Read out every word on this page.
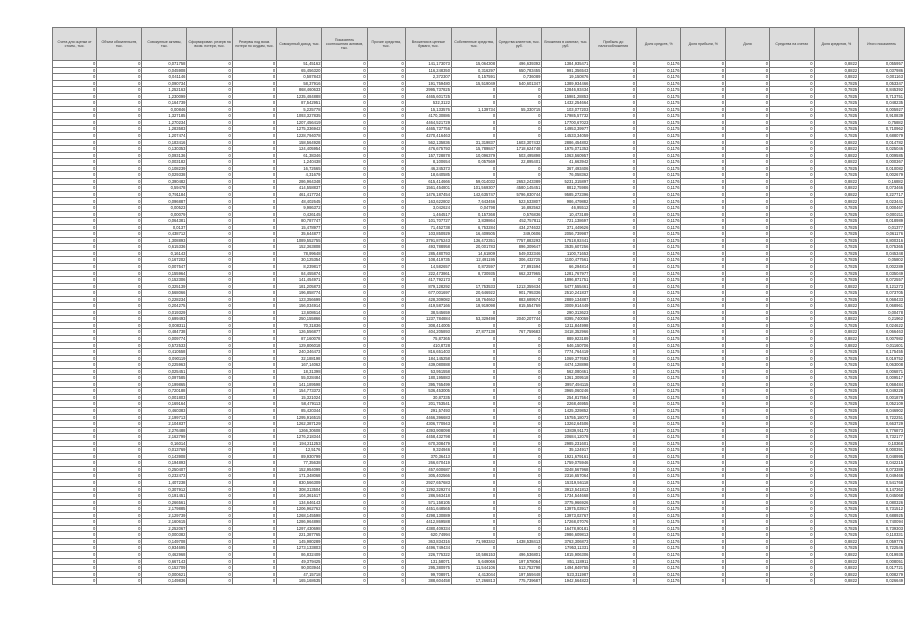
Счета для оценки от стоим., тыс.	Объем обязательств, тыс.	Совокупные активы, тыс.	Сформирован. резерв на возм. потери, тыс.	Резервы под возм. потери по ссудам, тыс.	Совокупный доход, тыс.	Показатель соотношения активов, тыс.	Прочие средства, тыс.	Вложения в ценные бумаги, тыс.	Собственные средства, тыс.	Средства клиентов, тыс. руб.	Вложения в капитал, тыс. руб.	Прибыль до налогообложения	Доля средств, %	Доля прибыли, %	Доля	Средства на счетах	Доля кредитов, %	Итого показатель
0	0	0,071758	0	0	51,45162	0	0	141,173073	15,064308	496,639392	1384,935471	0	0,1176	0	0	0	0,8822	0,055957
0	0	0,045908	0	0	65,456320	0	0	116,248350	0,316297	650,783455	991,356543	0	0,1176	0	0	0	0,8822	0,037986
0	0	0,041146	0	0	0,587843	0	0	2,372307	0,157591	0,736089	19,150876	0	0,1176	0	0	0	0,8822	0,001163
0	0	0,090734	0	0	58,37916	0	0	191,759480	15,519049	540,601347	1389,934466	0	0,1176	0	0	0	0,7825	0,053347
0	0	1,252163	0	0	868,460633	0	0	2995,737825	0	0	12846,93434	0	0,1175	0	0	0	0,7825	0,845392
0	0	1,230099	0	0	1235,484888	0	0	4465,601725	0	0	15981,28853	0	0,1175	0	0	0	0,7825	0,713751
0	0	0,164739	0	0	87,542951	0	0	532,3122	0	0	1432,254664	0	0,1175	0	0	0	0,7825	0,048235
0	0	0,00846	0	0	5,225778	0	0	15,133576	1,139734	55,330715	103,077203	0	0,1175	0	0	0	0,7825	0,005927
0	0	1,327185	0	0	1093,327835	0	0	4170,30886	0	0	17985,57732	0	0,1175	0	0	0	0,7825	0,910839
0	0	1,270234	0	0	1207,456419	0	0	4464,521729	0	0	17700,67023	0	0,1175	0	0	0	0,7825	0,75882
0	0	1,283583	0	0	1275,336942	0	0	4465,737756	0	0	14953,39977	0	0,1175	0	0	0	0,7825	0,710962
0	0	1,207474	0	0	1228,794078	0	0	4270,416463	0	0	14533,34059	0	0,1175	0	0	0	0,7825	0,688079
0	0	0,183416	0	0	158,564928	0	0	562,135836	31,319837	1603,307432	2886,454802	0	0,1176	0	0	0	0,8822	0,014782
0	0	0,130353	0	0	124,405954	0	0	476,675793	15,789847	1718,624748	1975,071353	0	0,1176	0	0	0	0,8822	0,025046
0	0	0,093136	0	0	61,38346	0	0	157,728878	10,096379	503,495898	1063,560957	0	0,1176	0	0	0	0,8822	0,009585
0	0	0,003182	0	0	1,240438	0	0	8,100654	0,057569	22,895401	41,663942	0	0,1176	0	0	0	0,8822	0,000367
0	0	0,108239	0	0	16,72665	0	0	46,245373	0	0	367,493406	0	0,1175	0	0	0	0,7825	0,010082
0	0	0,029338	0	0	4,31679	0	0	18,640585	0	0	76,058362	0	0,1175	0	0	0	0,7825	0,002679
0	0	0,390482	0	0	286,964348	0	0	615,414666	59,014032	2653,243389	5231,315897	0	0,1176	0	0	0	0,8822	0,16882
0	0	0,59478	0	0	414,558837	0	0	1561,454801	101,569307	4580,145451	8812,75986	0	0,1176	0	0	0	0,8822	0,073466
0	0	0,791184	0	0	461,417724	0	0	1476,187454	142,635747	5796,830744	9585,272396	0	0,1176	0	0	0	0,8822	0,227717
0	0	0,096887	0	0	48,402645	0	0	163,622802	7,643456	523,533807	986,479882	0	0,1176	0	0	0	0,8822	0,023441
0	0	0,00523	0	0	9,986372	0	0	3,042624	0,04798	16,892562	46,95512	0	0,1176	0	0	0	0,7825	0,000467
0	0	0,00079	0	0	0,426145	0	0	1,464517	0,157368	0,576836	10,473189	0	0,1175	0	0	0	0,7825	0,000211
0	0	0,064381	0	0	80,787747	0	0	101,707727	3,839864	452,757811	721,138697	0	0,1176	0	0	0	0,7825	0,018989
0	0	0,0137	0	0	15,478977	0	0	71,452738	6,753284	434,274632	371,449626	0	0,1176	0	0	0	0,7825	0,01377
0	0	0,438712	0	0	35,644877	0	0	103,850929	16,409505	349,0606	2056,739987	0	0,1175	0	0	0	0,7825	0,061176
0	0	1,308893	0	0	1089,552755	0	0	3791,875243	136,472351	7757,883293	17518,92441	0	0,1175	0	0	0	0,7825	0,800316
0	0	0,615336	0	0	152,363808	0	0	493,788958	20,001783	896,309647	3535,607256	0	0,1175	0	0	0	0,7825	0,075365
0	0	0,16143	0	0	78,99648	0	0	285,480793	14,61809	549,032346	1100,71653	0	0,1176	0	0	0	0,7825	0,045348
0	0	0,167202	0	0	30,125354	0	0	108,419735	12,491195	306,432725	1100,477561	0	0,1176	0	0	0	0,7825	0,05802
0	0	0,007547	0	0	8,239817	0	0	14,582657	0,872597	27,891594	66,294814	0	0,1175	0	0	0	0,7825	0,002289
0	0	0,155964	0	0	84,455874	0	0	222,473861	8,730935	662,337965	1281,767977	0	0,1176	0	0	0	0,7825	0,035049
0	0	0,152306	0	0	141,454971	0	0	417,792173	0	0	1896,871751	0	0,1175	0	0	0	0,7825	0,072557
0	0	0,325139	0	0	181,205873	0	0	879,128292	17,753533	1213,359434	5477,555461	0	0,1176	0	0	0	0,8822	0,121273
0	0	0,568066	0	0	196,858774	0	0	677,001697	20,646922	901,795336	2510,241837	0	0,1175	0	0	0	0,7825	0,073705
0	0	0,228234	0	0	123,356699	0	0	428,309082	18,764662	883,689574	2889,134887	0	0,1176	0	0	0	0,7825	0,068433
0	0	0,204275	0	0	156,034914	0	0	419,587166	18,919098	815,554769	3009,914449	0	0,1176	0	0	0	0,8822	0,068961
0	0	0,019329	0	0	13,608614	0	0	38,545659	0	0	290,313623	0	0,1175	0	0	0	0,7825	0,00478
0	0	0,699493	0	0	250,155866	0	0	1237,784884	53,329498	2040,207744	8395,740059	0	0,1176	0	0	0	0,8822	0,21962
0	0	0,008311	0	0	70,31836	0	0	308,414005	0	0	1211,844998	0	0,1175	0	0	0	0,7825	0,024622
0	0	0,484738	0	0	126,556877	0	0	404,205893	27,877138	767,759683	3418,352966	0	0,1176	0	0	0	0,8822	0,066463
0	0	0,009774	0	0	87,160078	0	0	75,87365	0	0	889,923189	0	0,1175	0	0	0	0,8822	0,007982
0	0	0,572533	0	0	129,806018	0	0	410,8728	0	0	646,150706	0	0,1176	0	0	0	0,8822	0,011601
0	0	0,410558	0	0	240,346473	0	0	816,651403	0	0	7774,764419	0	0,1175	0	0	0	0,7825	0,175455
0	0	0,090119	0	0	32,188198	0	0	184,145258	0	0	1069,377693	0	0,1175	0	0	0	0,7825	0,019752
0	0	0,225963	0	0	167,14062	0	0	439,080888	0	0	4474,128898	0	0,1175	0	0	0	0,7825	0,063008
0	0	0,025451	0	0	18,31398	0	0	53,951558	0	0	562,080461	0	0,1175	0	0	0	0,7825	0,006871
0	0	0,097585	0	0	55,028484	0	0	180,195883	0	0	1361,309518	0	0,1175	0	0	0	0,7825	0,009517
0	0	0,199865	0	0	141,189598	0	0	395,765499	0	0	3957,494115	0	0,1175	0	0	0	0,7825	0,068484
0	0	0,720188	0	0	154,773372	0	0	536,453005	0	0	3965,060246	0	0,1175	0	0	0	0,7825	0,049228
0	0	0,001803	0	0	15,321024	0	0	30,87335	0	0	254,817564	0	0,1175	0	0	0	0,7825	0,001879
0	0	0,169164	0	0	58,479113	0	0	201,753541	0	0	2268,46955	0	0,1175	0	0	0	0,7825	0,052109
0	0	0,460383	0	0	85,420344	0	0	291,57493	0	0	1425,329852	0	0,1175	0	0	0	0,7825	0,046902
0	0	2,199713	0	0	1295,916515	0	0	4466,396683	0	0	15755,18073	0	0,1175	0	0	0	0,7825	0,722251
0	0	2,104837	0	0	1262,387129	0	0	4306,770943	0	0	13262,64506	0	0,1175	0	0	0	0,7825	0,663729
0	0	2,276488	0	0	1266,30608	0	0	4393,908098	0	0	13839,91173	0	0,1175	0	0	0	0,7825	0,776873
0	0	2,162799	0	0	1276,218344	0	0	4458,432798	0	0	20684,12078	0	0,1175	0	0	0	0,7825	0,732177
0	0	0,16014	0	0	194,211253	0	0	670,308479	0	0	2985,231601	0	0,1175	0	0	0	0,7825	0,10368
0	0	0,013769	0	0	12,5176	0	0	9,324946	0	0	35,124917	0	0,1175	0	0	0	0,7825	0,000391
0	0	0,143908	0	0	89,930799	0	0	370,36413	0	0	1921,679161	0	0,1175	0	0	0	0,7825	0,048995
0	0	0,194893	0	0	77,35638	0	0	266,670419	0	0	1759,075946	0	0,1175	0	0	0	0,7825	0,042215
0	0	0,250407	0	0	152,954099	0	0	457,600687	0	0	3248,567968	0	0,1175	0	0	0	0,7825	0,073389
0	0	0,232473	0	0	171,348068	0	0	305,402566	0	0	2316,657064	0	0,1175	0	0	0	0,7825	0,049466
0	0	1,407238	0	0	830,566309	0	0	2927,657683	0	0	15319,56118	0	0,1175	0	0	0	0,7825	0,541768
0	0	0,307912	0	0	308,313504	0	0	1292,329274	0	0	3913,541813	0	0,1175	0	0	0	0,7825	0,147362
0	0	0,191451	0	0	104,361617	0	0	286,563418	0	0	1734,544668	0	0,1175	0	0	0	0,7825	0,045068
0	0	0,266561	0	0	134,646143	0	0	571,158105	0	0	3775,966926	0	0,1175	0	0	0	0,7825	0,080326
0	0	2,179885	0	0	1206,962762	0	0	4451,648565	0	0	13975,03917	0	0,1175	0	0	0	0,7825	0,731512
0	0	2,129739	0	0	1268,145598	0	0	4298,130889	0	0	13973,02767	0	0,1175	0	0	0	0,7825	0,688925
0	0	2,160615	0	0	1286,964898	0	0	4412,869588	0	0	17268,07076	0	0,1175	0	0	0	0,7825	0,740094
0	0	2,252067	0	0	1297,430698	0	0	4380,409334	0	0	16478,90181	0	0,1175	0	0	0	0,7825	0,739303
0	0	0,000382	0	0	221,387765	0	0	620,74994	0	0	2986,609813	0	0,1175	0	0	0	0,7825	0,110331
0	0	0,149708	0	0	145,980289	0	0	363,834316	71,993342	1438,538413	3763,306873	0	0,1176	0	0	0	0,8822	0,059776
0	0	0,934695	0	0	1273,133803	0	0	4496,749434	0	0	17953,11331	0	0,1175	0	0	0	0,7825	0,722546
0	0	0,462968	0	0	86,832409	0	0	226,775322	10,586153	496,536801	1815,906306	0	0,1176	0	0	0	0,8822	0,019935
0	0	0,667143	0	0	49,379425	0	0	131,58071	5,649066	197,578064	851,118911	0	0,1176	0	0	0	0,8822	0,008051
0	0	0,152709	0	0	90,003944	0	0	295,380975	11,544106	513,752798	1494,849755	0	0,1176	0	0	0	0,8822	0,017721
0	0	0,000621	0	0	47,15718	0	0	99,708971	4,413044	197,559448	523,311987	0	0,1176	0	0	0	0,8822	0,008279
0	0	0,149836	0	0	165,168635	0	0	388,604458	17,266813	775,739687	1942,564823	0	0,1176	0	0	0	0,8822	0,026649
